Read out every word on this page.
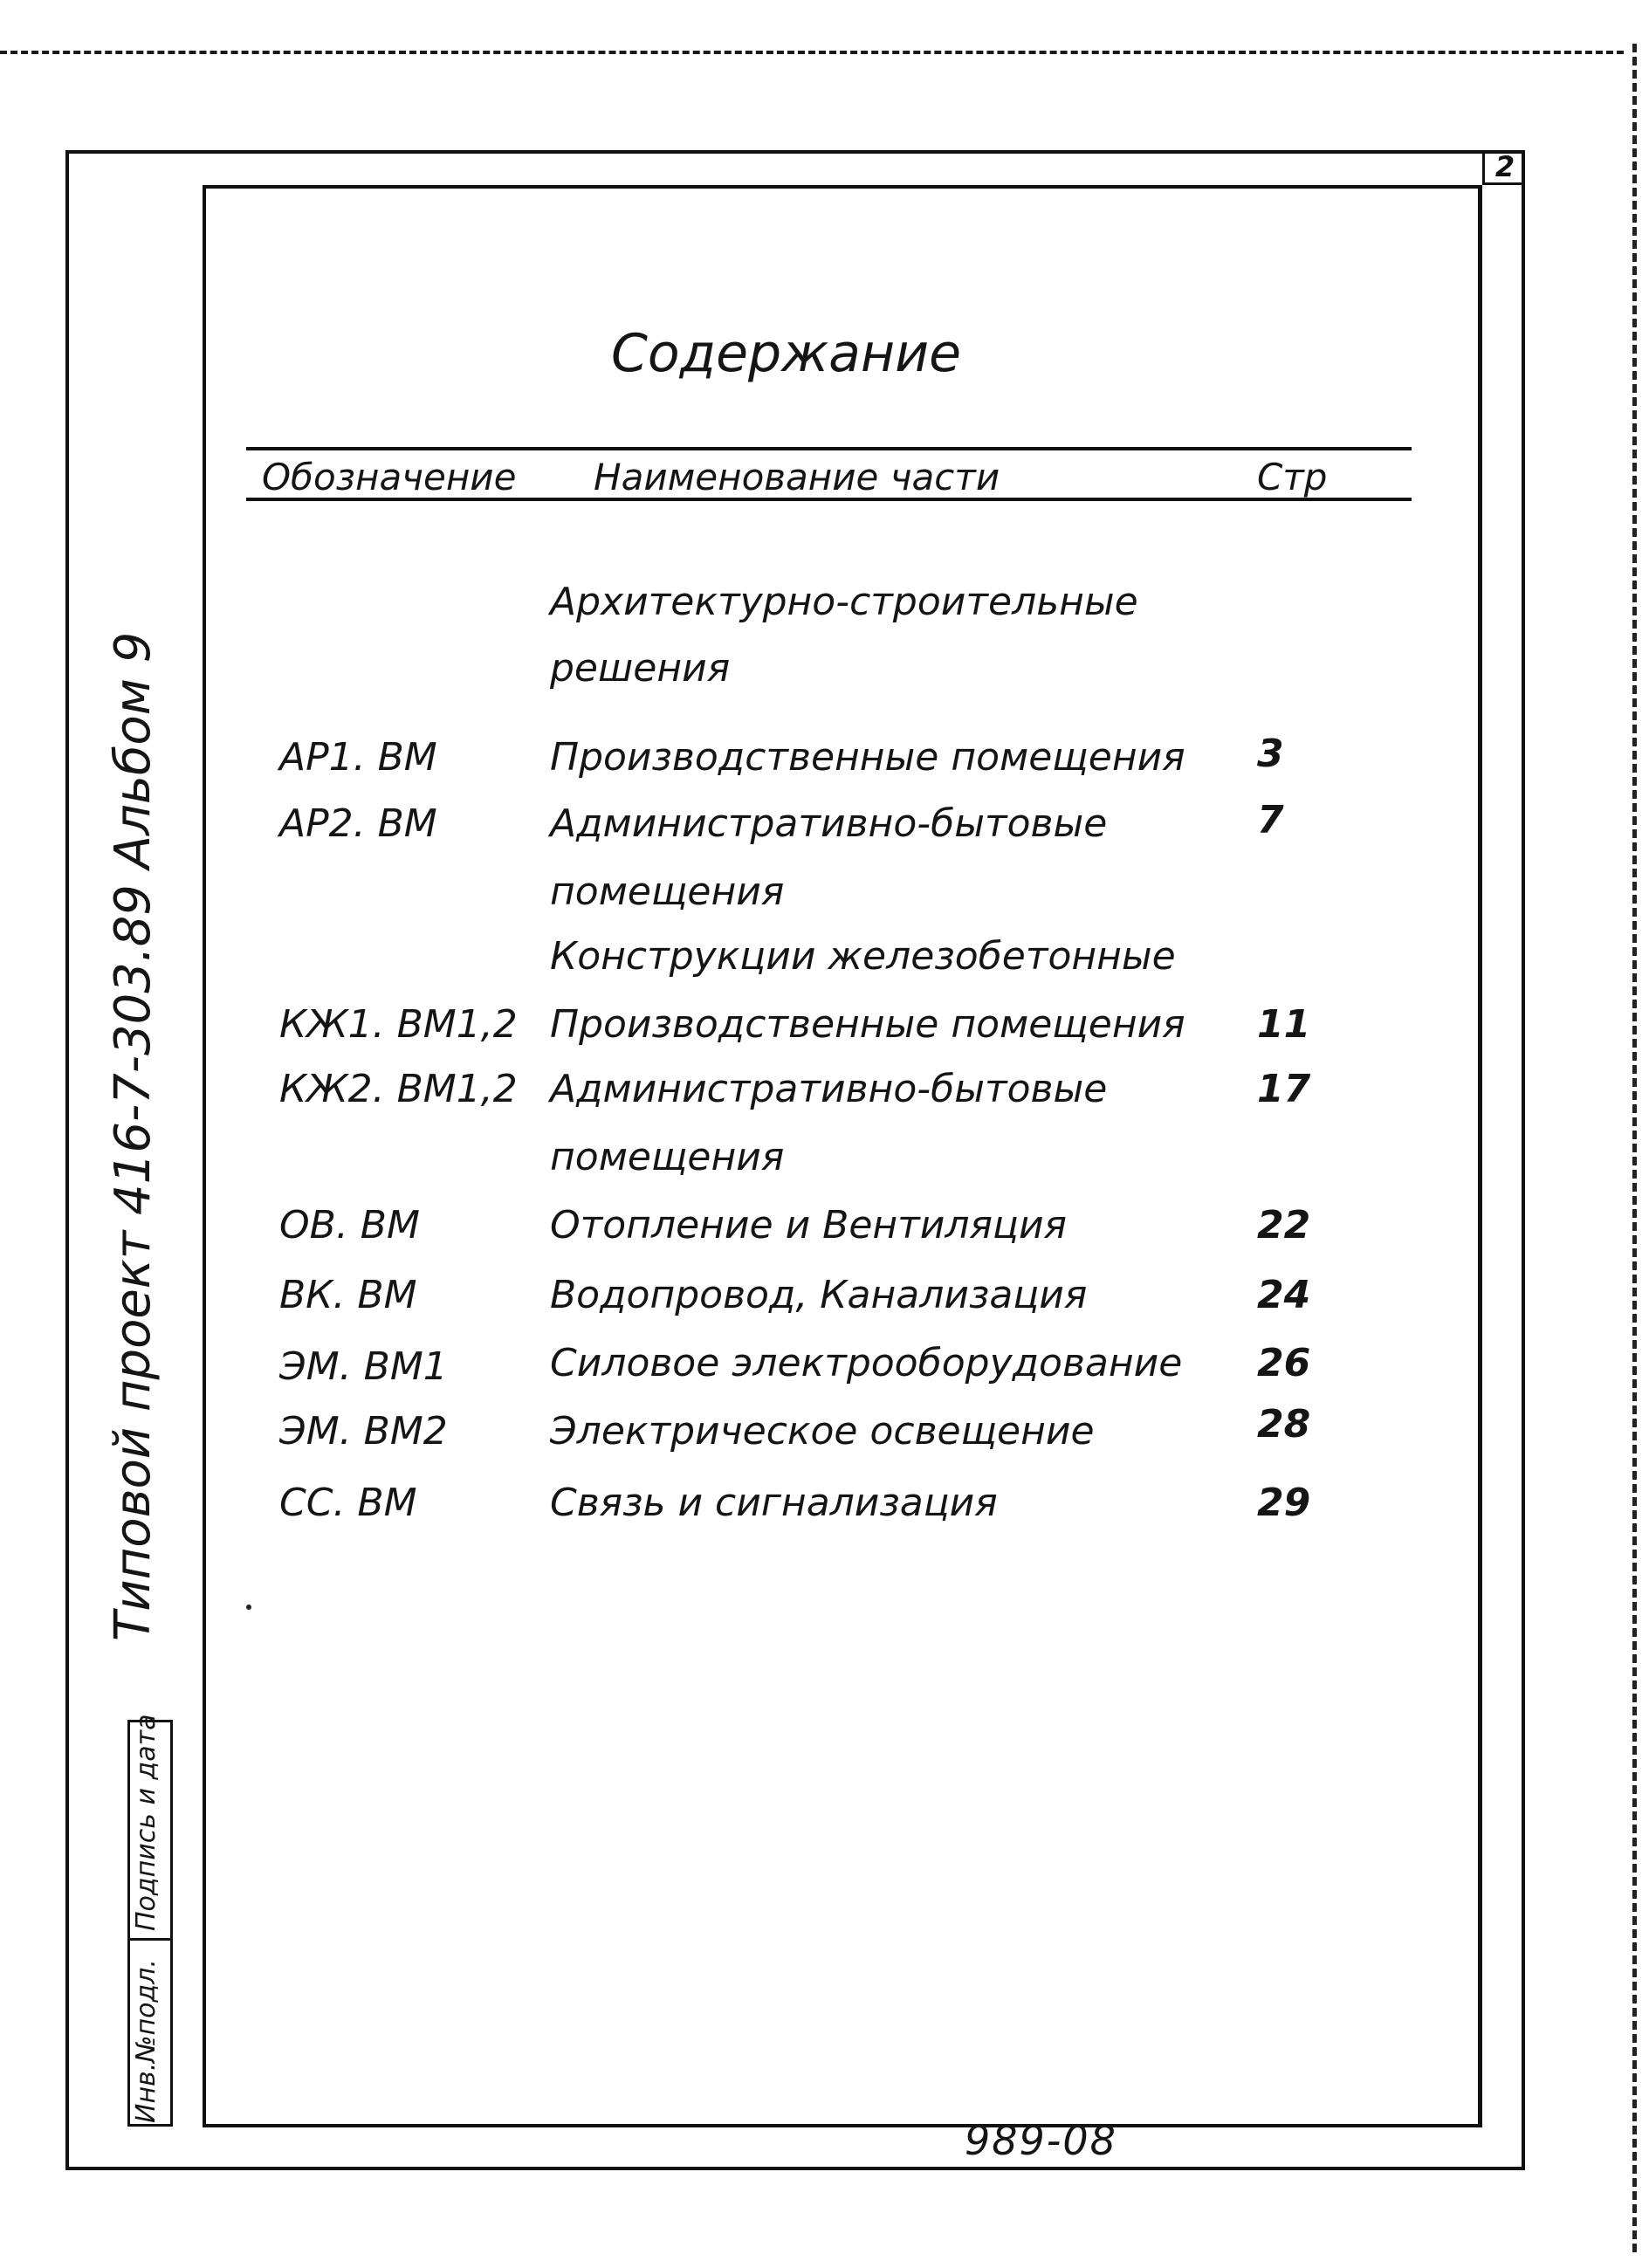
2
Содержание
Обозначение Наименование части	Стр
Архитектурно-строительные
решения
АР1. ВМ	Производственные помещения 3
АР2. ВМ	Административно-бытовые	7
помещения
Конструкции железобетонные
КЖ1. ВМ1,2 Производственные помещения 11
КЖ2. ВМ1,2 Административно-бытовые	17
помещения
ОВ. ВМ	Отопление и Вентиляция	22
ВК. ВМ	Водопровод, Канализация	24
ЭМ. ВМ1	Силовое электрооборудование 26
ЭМ. ВМ2	Электрическое освещение	28
СС. ВМ	Связь и сигнализация	29
Типовой проект 416-7-303.89 Альбом 9
Подпись и дата
Инв.№подл.
989-08
